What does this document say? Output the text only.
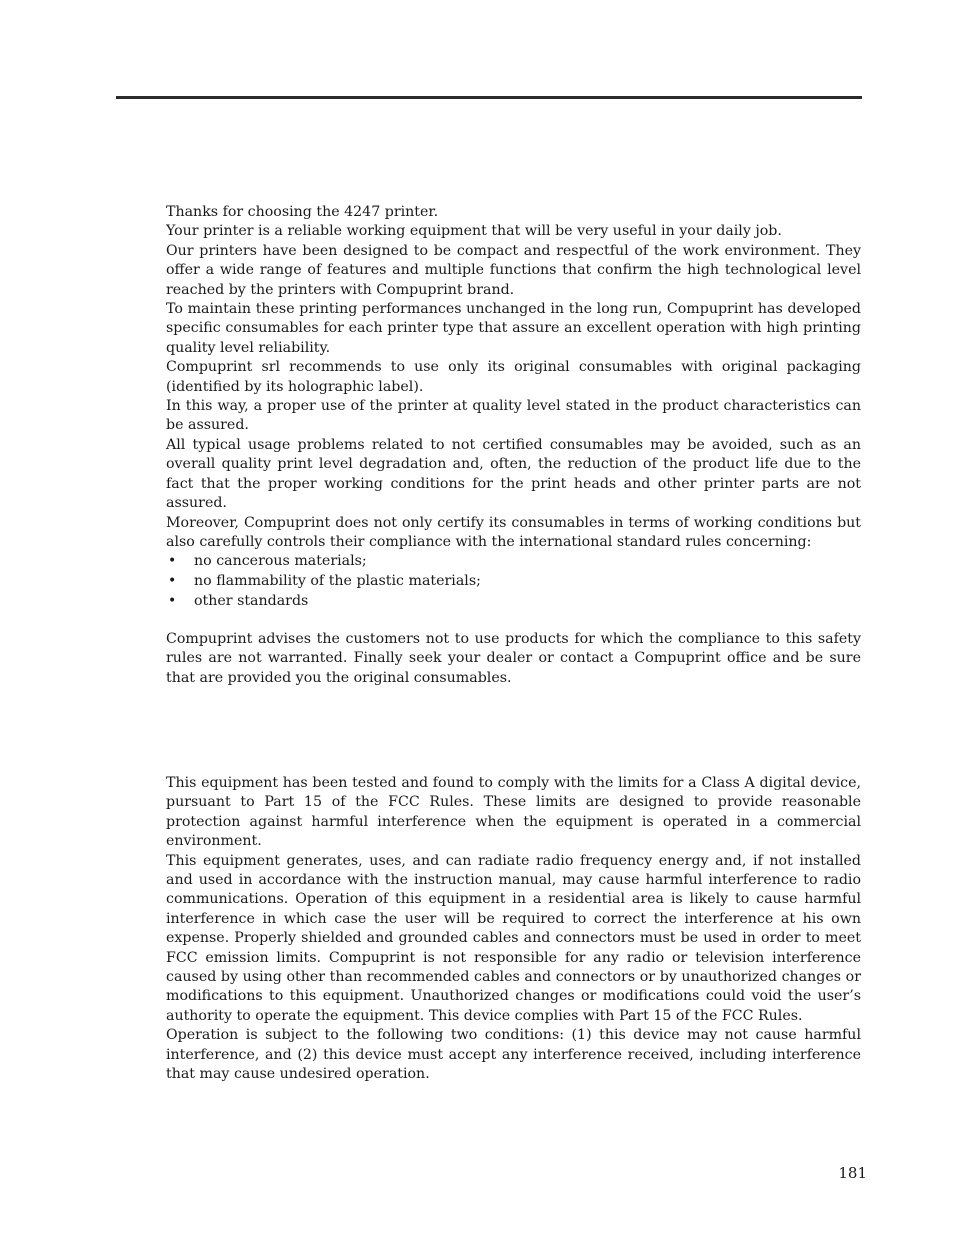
Thanks for choosing the 4247 printer.

Your printer is a reliable working equipment that will be very useful in your daily job.

Our printers have been designed to be compact and respectful of the work environment. They offer a wide range of features and multiple functions that confirm the high technological level reached by the printers with Compuprint brand.

To maintain these printing performances unchanged in the long run, Compuprint has developed specific consumables for each printer type that assure an excellent operation with high printing quality level reliability.

Compuprint srl recommends to use only its original consumables with original packaging (identified by its holographic label).

In this way, a proper use of the printer at quality level stated in the product characteristics can be assured.

All typical usage problems related to not certified consumables may be avoided, such as an overall quality print level degradation and, often, the reduction of the product life due to the fact that the proper working conditions for the print heads and other printer parts are not assured.

Moreover, Compuprint does not only certify its consumables in terms of working conditions but also carefully controls their compliance with the international standard rules concerning:

• no cancerous materials;
• no flammability of the plastic materials;
• other standards

Compuprint advises the customers not to use products for which the compliance to this safety rules are not warranted. Finally seek your dealer or contact a Compuprint office and be sure that are provided you the original consumables.

This equipment has been tested and found to comply with the limits for a Class A digital device, pursuant to Part 15 of the FCC Rules. These limits are designed to provide reasonable protection against harmful interference when the equipment is operated in a commercial environment.

This equipment generates, uses, and can radiate radio frequency energy and, if not installed and used in accordance with the instruction manual, may cause harmful interference to radio communications. Operation of this equipment in a residential area is likely to cause harmful interference in which case the user will be required to correct the interference at his own expense. Properly shielded and grounded cables and connectors must be used in order to meet FCC emission limits. Compuprint is not responsible for any radio or television interference caused by using other than recommended cables and connectors or by unauthorized changes or modifications to this equipment. Unauthorized changes or modifications could void the user’s authority to operate the equipment. This device complies with Part 15 of the FCC Rules.

Operation is subject to the following two conditions: (1) this device may not cause harmful interference, and (2) this device must accept any interference received, including interference that may cause undesired operation.

181
